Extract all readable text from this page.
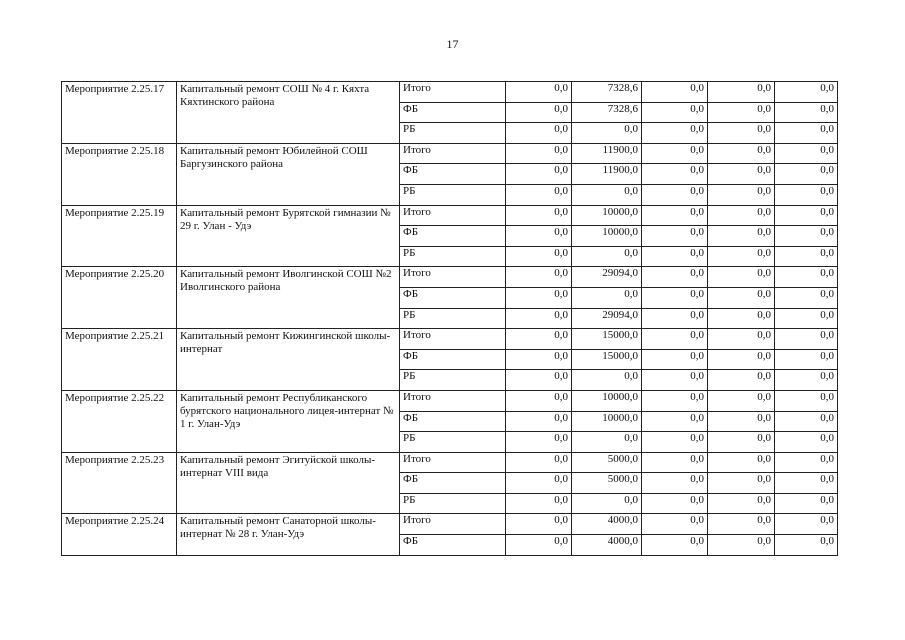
17
Мероприятие 2.25.17	Капитальный ремонт СОШ № 4 г. Кяхта Кяхтинского района	Итого	0,0	7328,6	0,0	0,0	0,0
		ФБ	0,0	7328,6	0,0	0,0	0,0
		РБ	0,0	0,0	0,0	0,0	0,0

Мероприятие 2.25.18	Капитальный ремонт Юбилейной СОШ Баргузинского района	Итого	0,0	11900,0	0,0	0,0	0,0
		ФБ	0,0	11900,0	0,0	0,0	0,0
		РБ	0,0	0,0	0,0	0,0	0,0

Мероприятие 2.25.19	Капитальный ремонт Бурятской гимназии № 29 г. Улан - Удэ	Итого	0,0	10000,0	0,0	0,0	0,0
		ФБ	0,0	10000,0	0,0	0,0	0,0
		РБ	0,0	0,0	0,0	0,0	0,0

Мероприятие 2.25.20	Капитальный ремонт Иволгинской СОШ №2 Иволгинского района	Итого	0,0	29094,0	0,0	0,0	0,0
		ФБ	0,0	0,0	0,0	0,0	0,0
		РБ	0,0	29094,0	0,0	0,0	0,0

Мероприятие 2.25.21	Капитальный ремонт Кижингинской школы-интернат	Итого	0,0	15000,0	0,0	0,0	0,0
		ФБ	0,0	15000,0	0,0	0,0	0,0
		РБ	0,0	0,0	0,0	0,0	0,0

Мероприятие 2.25.22	Капитальный ремонт Республиканского бурятского национального лицея-интернат № 1 г. Улан-Удэ	Итого	0,0	10000,0	0,0	0,0	0,0
		ФБ	0,0	10000,0	0,0	0,0	0,0
		РБ	0,0	0,0	0,0	0,0	0,0

Мероприятие 2.25.23	Капитальный ремонт Эгитуйской школы-интернат VIII вида	Итого	0,0	5000,0	0,0	0,0	0,0
		ФБ	0,0	5000,0	0,0	0,0	0,0
		РБ	0,0	0,0	0,0	0,0	0,0

Мероприятие 2.25.24	Капитальный ремонт Санаторной школы-интернат № 28 г. Улан-Удэ	Итого	0,0	4000,0	0,0	0,0	0,0
		ФБ	0,0	4000,0	0,0	0,0	0,0
